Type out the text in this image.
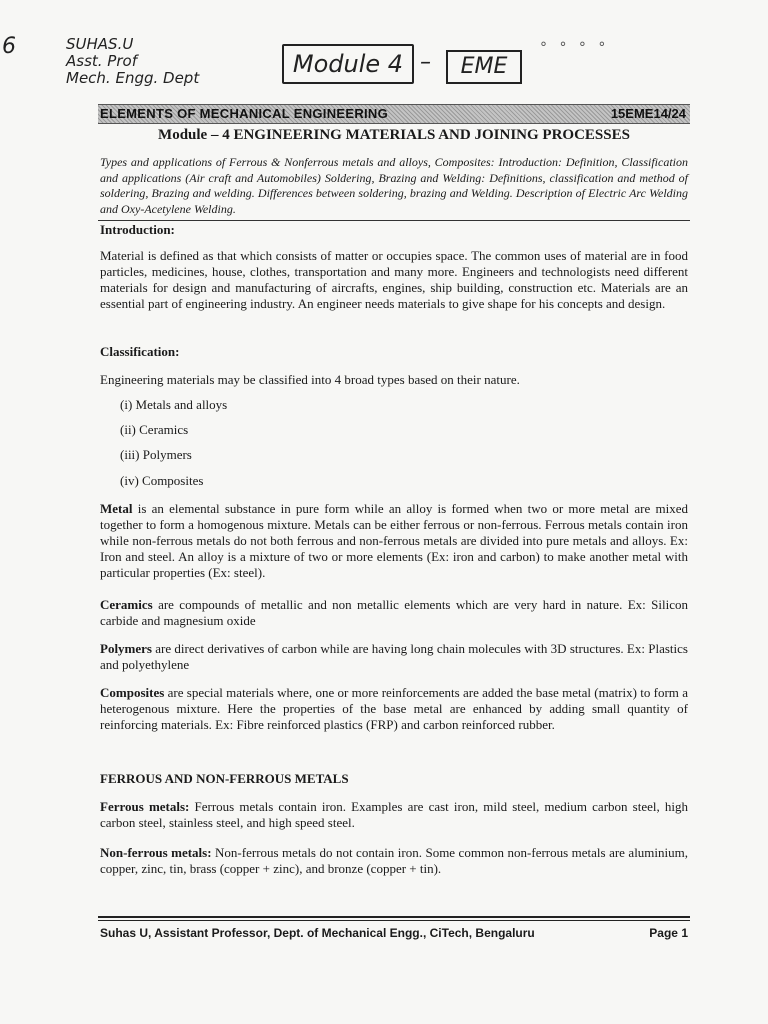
6	SUHAS.U
Asst. Prof
Mech. Engg. Dept	Module 4 –	EME
° ° ° °
ELEMENTS OF MECHANICAL ENGINEERING	15EME14/24
Module – 4 ENGINEERING MATERIALS AND JOINING PROCESSES
Types and applications of Ferrous & Nonferrous metals and alloys, Composites: Introduction: Definition, Classification and applications (Air craft and Automobiles) Soldering, Brazing and Welding: Definitions, classification and method of soldering, Brazing and welding. Differences between soldering, brazing and Welding. Description of Electric Arc Welding and Oxy-Acetylene Welding.
Introduction:

Material is defined as that which consists of matter or occupies space. The common uses of material are in food particles, medicines, house, clothes, transportation and many more. Engineers and technologists need different materials for design and manufacturing of aircrafts, engines, ship building, construction etc. Materials are an essential part of engineering industry. An engineer needs materials to give shape for his concepts and design.

Classification:

Engineering materials may be classified into 4 broad types based on their nature.

(i) Metals and alloys
(ii) Ceramics
(iii) Polymers
(iv) Composites

Metal is an elemental substance in pure form while an alloy is formed when two or more metal are mixed together to form a homogenous mixture. Metals can be either ferrous or non-ferrous. Ferrous metals contain iron while non-ferrous metals do not both ferrous and non-ferrous metals are divided into pure metals and alloys. Ex: Iron and steel. An alloy is a mixture of two or more elements (Ex: iron and carbon) to make another metal with particular properties (Ex: steel).

Ceramics are compounds of metallic and non metallic elements which are very hard in nature. Ex: Silicon carbide and magnesium oxide

Polymers are direct derivatives of carbon while are having long chain molecules with 3D structures. Ex: Plastics and polyethylene

Composites are special materials where, one or more reinforcements are added the base metal (matrix) to form a heterogenous mixture. Here the properties of the base metal are enhanced by adding small quantity of reinforcing materials. Ex: Fibre reinforced plastics (FRP) and carbon reinforced rubber.

FERROUS AND NON-FERROUS METALS

Ferrous metals: Ferrous metals contain iron. Examples are cast iron, mild steel, medium carbon steel, high carbon steel, stainless steel, and high speed steel.

Non-ferrous metals: Non-ferrous metals do not contain iron. Some common non-ferrous metals are aluminium, copper, zinc, tin, brass (copper + zinc), and bronze (copper + tin).

Suhas U, Assistant Professor, Dept. of Mechanical Engg., CiTech, Bengaluru	Page 1
